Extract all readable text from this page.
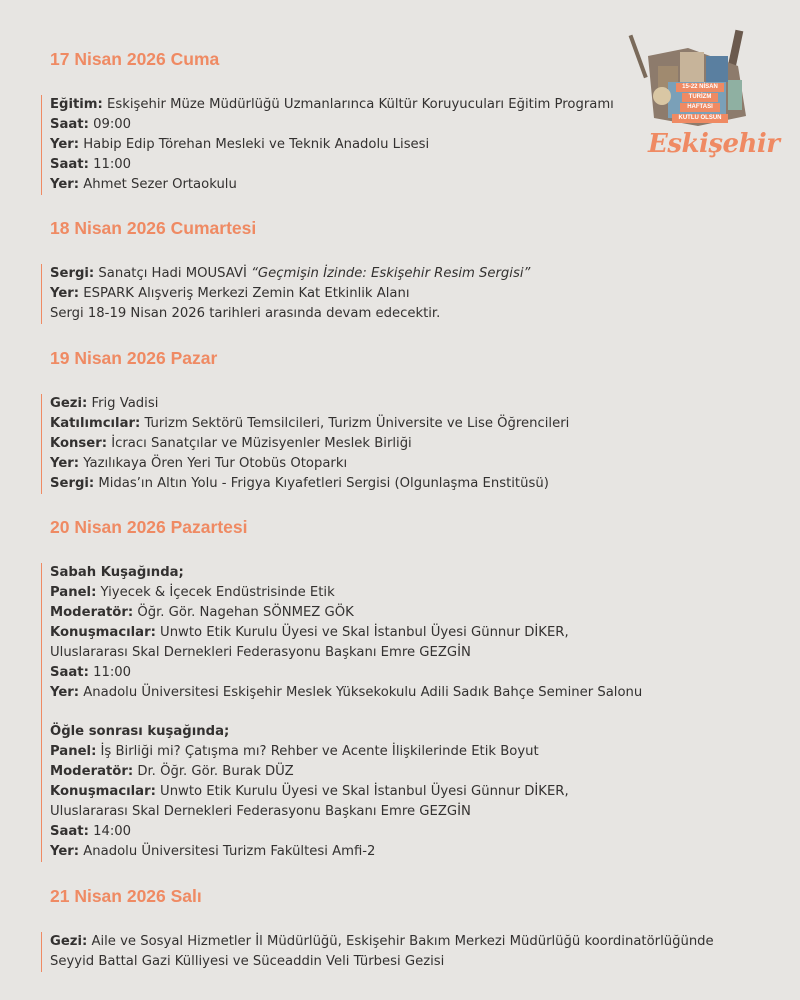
15-22 NİSAN
TURİZM
HAFTASI
KUTLU OLSUN
Eskişehir
17 Nisan 2026 Cuma
Eğitim: Eskişehir Müze Müdürlüğü Uzmanlarınca Kültür Koruyucuları Eğitim Programı
Saat: 09:00
Yer: Habip Edip Törehan Mesleki ve Teknik Anadolu Lisesi
Saat: 11:00
Yer: Ahmet Sezer Ortaokulu
18 Nisan 2026 Cumartesi
Sergi: Sanatçı Hadi MOUSAVİ “Geçmişin İzinde: Eskişehir Resim Sergisi”
Yer: ESPARK Alışveriş Merkezi Zemin Kat Etkinlik Alanı
Sergi 18-19 Nisan 2026 tarihleri arasında devam edecektir.
19 Nisan 2026 Pazar
Gezi: Frig Vadisi
Katılımcılar: Turizm Sektörü Temsilcileri, Turizm Üniversite ve Lise Öğrencileri
Konser: İcracı Sanatçılar ve Müzisyenler Meslek Birliği
Yer: Yazılıkaya Ören Yeri Tur Otobüs Otoparkı
Sergi: Midas’ın Altın Yolu - Frigya Kıyafetleri Sergisi (Olgunlaşma Enstitüsü)
20 Nisan 2026 Pazartesi
Sabah Kuşağında;
Panel: Yiyecek & İçecek Endüstrisinde Etik
Moderatör: Öğr. Gör. Nagehan SÖNMEZ GÖK
Konuşmacılar: Unwto Etik Kurulu Üyesi ve Skal İstanbul Üyesi Günnur DİKER,
Uluslararası Skal Dernekleri Federasyonu Başkanı Emre GEZGİN
Saat: 11:00
Yer: Anadolu Üniversitesi Eskişehir Meslek Yüksekokulu Adili Sadık Bahçe Seminer Salonu
Öğle sonrası kuşağında;
Panel: İş Birliği mi? Çatışma mı? Rehber ve Acente İlişkilerinde Etik Boyut
Moderatör: Dr. Öğr. Gör. Burak DÜZ
Konuşmacılar: Unwto Etik Kurulu Üyesi ve Skal İstanbul Üyesi Günnur DİKER,
Uluslararası Skal Dernekleri Federasyonu Başkanı Emre GEZGİN
Saat: 14:00
Yer: Anadolu Üniversitesi Turizm Fakültesi Amfi-2
21 Nisan 2026 Salı
Gezi: Aile ve Sosyal Hizmetler İl Müdürlüğü, Eskişehir Bakım Merkezi Müdürlüğü koordinatörlüğünde
Seyyid Battal Gazi Külliyesi ve Süceaddin Veli Türbesi Gezisi
